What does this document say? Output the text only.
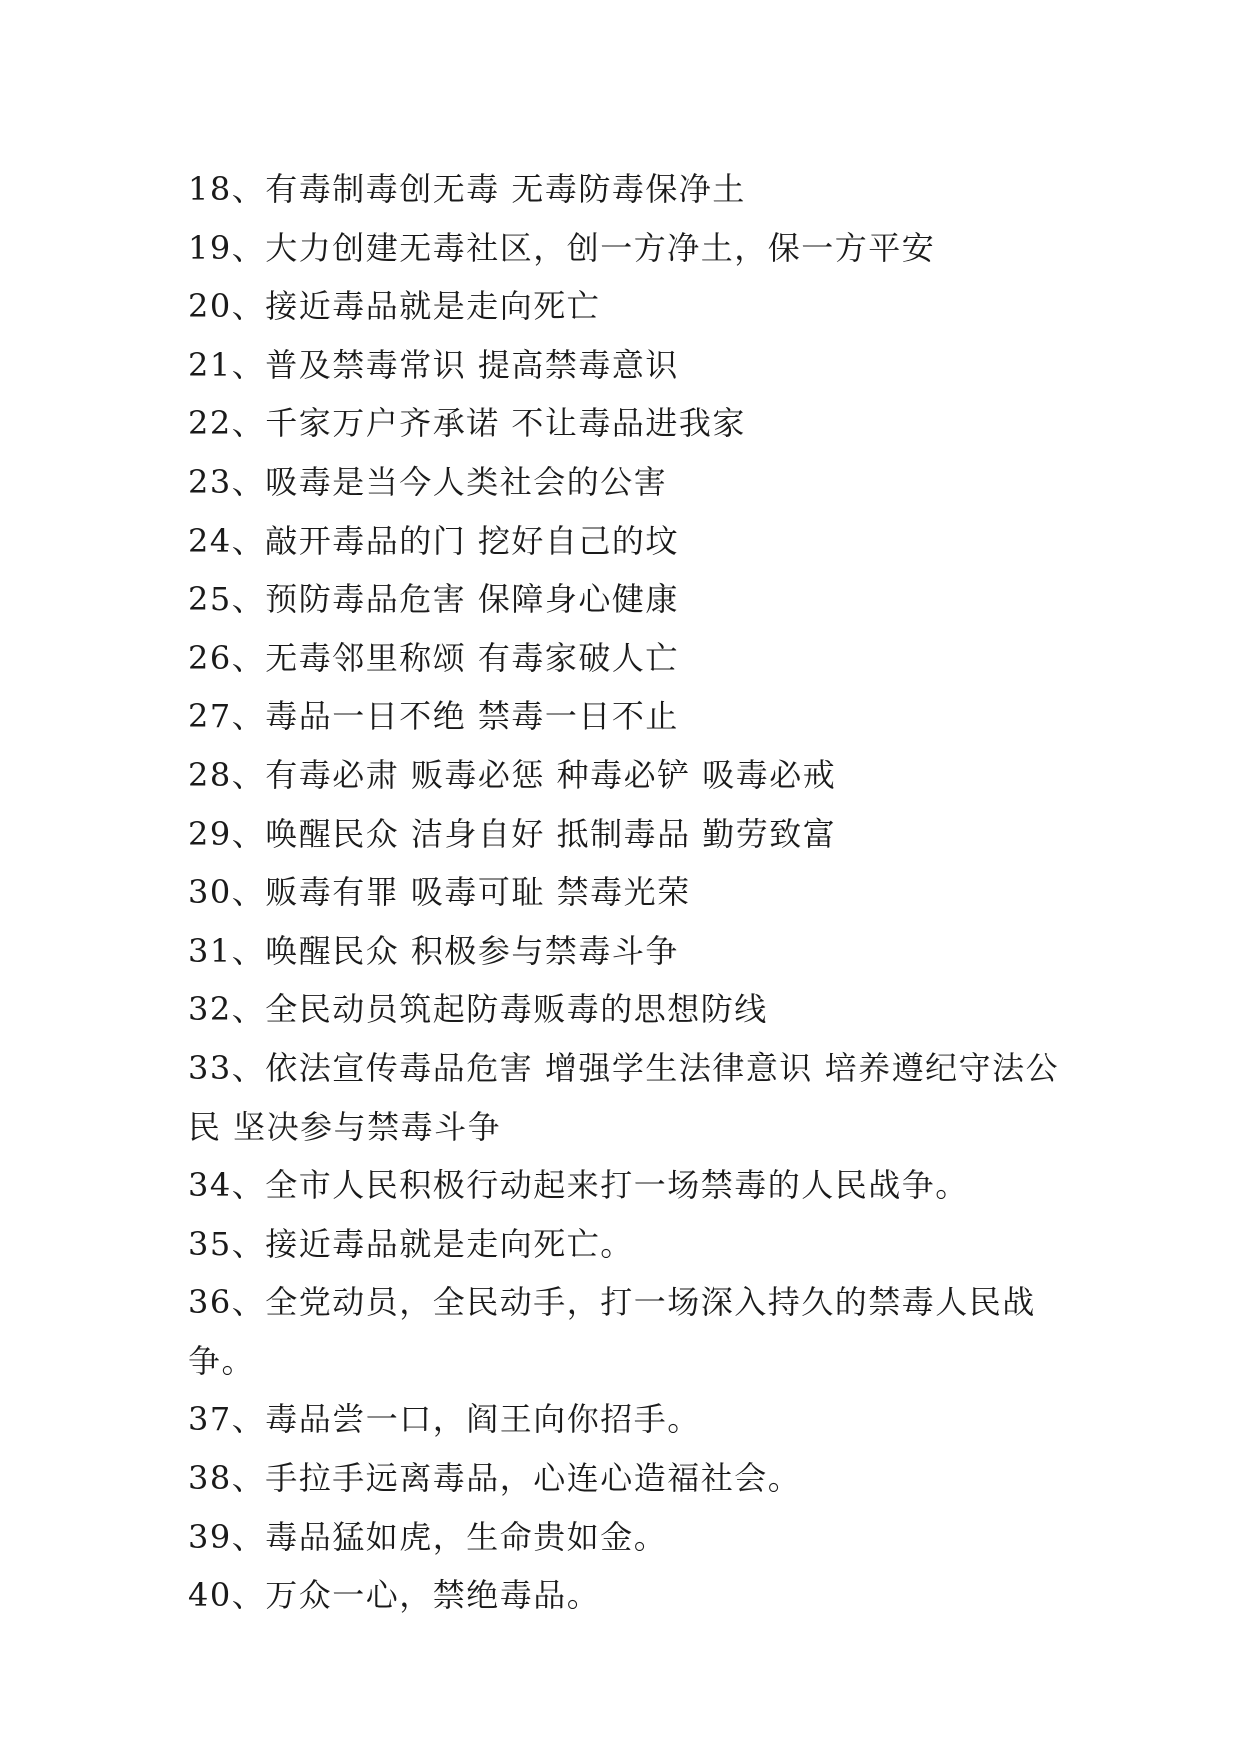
18、有毒制毒创无毒 无毒防毒保净土
19、大力创建无毒社区，创一方净土，保一方平安
20、接近毒品就是走向死亡
21、普及禁毒常识 提高禁毒意识
22、千家万户齐承诺 不让毒品进我家
23、吸毒是当今人类社会的公害
24、敲开毒品的门 挖好自己的坟
25、预防毒品危害 保障身心健康
26、无毒邻里称颂 有毒家破人亡
27、毒品一日不绝 禁毒一日不止
28、有毒必肃 贩毒必惩 种毒必铲 吸毒必戒
29、唤醒民众 洁身自好 抵制毒品 勤劳致富
30、贩毒有罪 吸毒可耻 禁毒光荣
31、唤醒民众 积极参与禁毒斗争
32、全民动员筑起防毒贩毒的思想防线
33、依法宣传毒品危害 增强学生法律意识 培养遵纪守法公民 坚决参与禁毒斗争
34、全市人民积极行动起来打一场禁毒的人民战争。
35、接近毒品就是走向死亡。
36、全党动员，全民动手，打一场深入持久的禁毒人民战争。
37、毒品尝一口，阎王向你招手。
38、手拉手远离毒品，心连心造福社会。
39、毒品猛如虎，生命贵如金。
40、万众一心，禁绝毒品。
